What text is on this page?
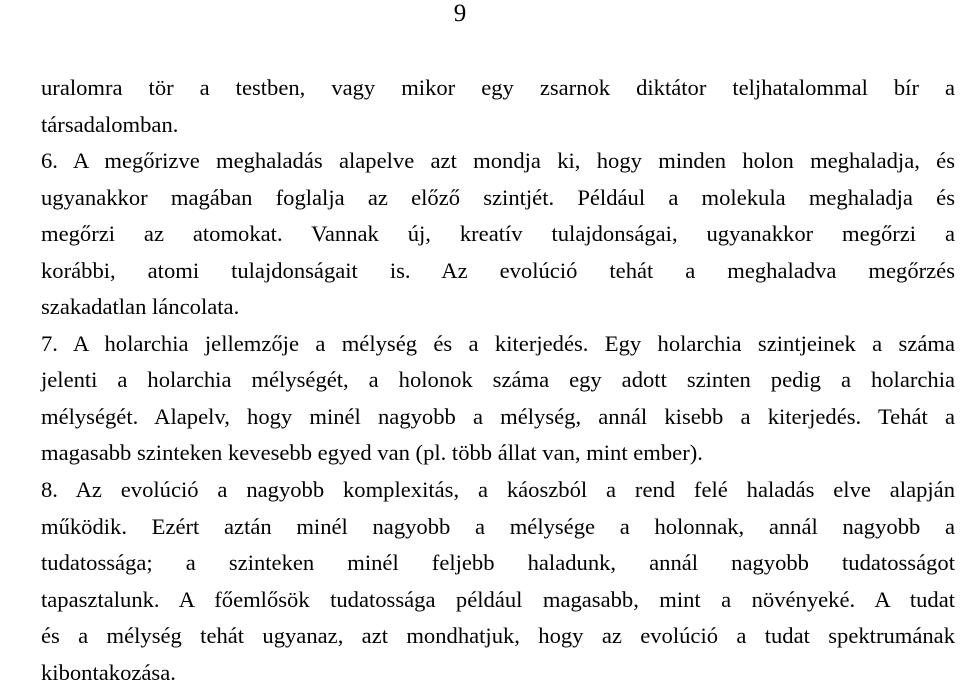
9
uralomra tör a testben, vagy mikor egy zsarnok diktátor teljhatalommal bír a
társadalomban.
6. A megőrizve meghaladás alapelve azt mondja ki, hogy minden holon meghaladja, és
ugyanakkor magában foglalja az előző szintjét. Például a molekula meghaladja és
megőrzi az atomokat. Vannak új, kreatív tulajdonságai, ugyanakkor megőrzi a
korábbi, atomi tulajdonságait is. Az evolúció tehát a meghaladva megőrzés
szakadatlan láncolata.
7. A holarchia jellemzője a mélység és a kiterjedés. Egy holarchia szintjeinek a száma
jelenti a holarchia mélységét, a holonok száma egy adott szinten pedig a holarchia
mélységét. Alapelv, hogy minél nagyobb a mélység, annál kisebb a kiterjedés. Tehát a
magasabb szinteken kevesebb egyed van (pl. több állat van, mint ember).
8. Az evolúció a nagyobb komplexitás, a káoszból a rend felé haladás elve alapján
működik. Ezért aztán minél nagyobb a mélysége a holonnak, annál nagyobb a
tudatossága; a szinteken minél feljebb haladunk, annál nagyobb tudatosságot
tapasztalunk. A főemlősök tudatossága például magasabb, mint a növényeké. A tudat
és a mélység tehát ugyanaz, azt mondhatjuk, hogy az evolúció a tudat spektrumának
kibontakozása.
